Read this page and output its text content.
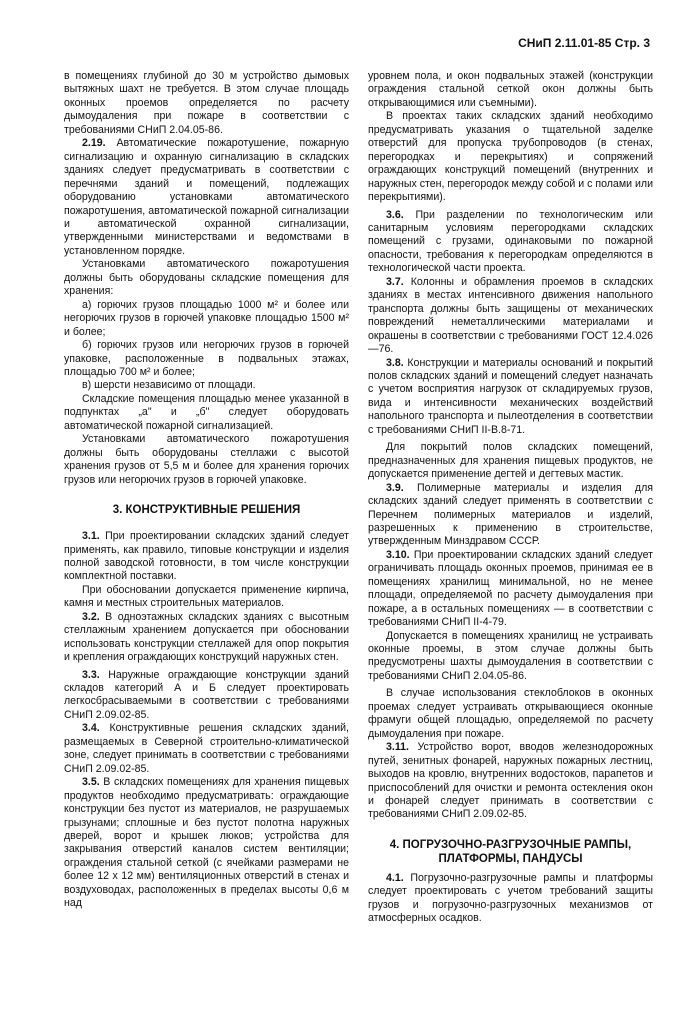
СНиП 2.11.01-85 Стр. 3

в помещениях глубиной до 30 м устройство дымовых вытяжных шахт не требуется. В этом случае площадь оконных проемов определяется по расчету дымоудаления при пожаре в соответствии с требованиями СНиП 2.04.05-86.

2.19. Автоматические пожаротушение, пожарную сигнализацию и охранную сигнализацию в складских зданиях следует предусматривать в соответствии с перечнями зданий и помещений, подлежащих оборудованию установками автоматического пожаротушения, автоматической пожарной сигнализации и автоматической охранной сигнализации, утвержденными министерствами и ведомствами в установленном порядке.

Установками автоматического пожаротушения должны быть оборудованы складские помещения для хранения:

а) горючих грузов площадью 1000 м² и более или негорючих грузов в горючей упаковке площадью 1500 м² и более;

б) горючих грузов или негорючих грузов в горючей упаковке, расположенные в подвальных этажах, площадью 700 м² и более;

в) шерсти независимо от площади.

Складские помещения площадью менее указанной в подпунктах „а" и „б" следует оборудовать автоматической пожарной сигнализацией.

Установками автоматического пожаротушения должны быть оборудованы стеллажи с высотой хранения грузов от 5,5 м и более для хранения горючих грузов или негорючих грузов в горючей упаковке.

3. КОНСТРУКТИВНЫЕ РЕШЕНИЯ

3.1. При проектировании складских зданий следует применять, как правило, типовые конструкции и изделия полной заводской готовности, в том числе конструкции комплектной поставки.

При обосновании допускается применение кирпича, камня и местных строительных материалов.

3.2. В одноэтажных складских зданиях с высотным стеллажным хранением допускается при обосновании использовать конструкции стеллажей для опор покрытия и крепления ограждающих конструкций наружных стен.

3.3. Наружные ограждающие конструкции зданий складов категорий А и Б следует проектировать легкосбрасываемыми в соответствии с требованиями СНиП 2.09.02-85.

3.4. Конструктивные решения складских зданий, размещаемых в Северной строительно-климатической зоне, следует принимать в соответствии с требованиями СНиП 2.09.02-85.

3.5. В складских помещениях для хранения пищевых продуктов необходимо предусматривать: ограждающие конструкции без пустот из материалов, не разрушаемых грызунами; сплошные и без пустот полотна наружных дверей, ворот и крышек люков; устройства для закрывания отверстий каналов систем вентиляции; ограждения стальной сеткой (с ячейками размерами не более 12 х 12 мм) вентиляционных отверстий в стенах и воздуховодах, расположенных в пределах высоты 0,6 м над

уровнем пола, и окон подвальных этажей (конструкции ограждения стальной сеткой окон должны быть открывающимися или съемными).

В проектах таких складских зданий необходимо предусматривать указания о тщательной заделке отверстий для пропуска трубопроводов (в стенах, перегородках и перекрытиях) и сопряжений ограждающих конструкций помещений (внутренних и наружных стен, перегородок между собой и с полами или перекрытиями).

3.6. При разделении по технологическим или санитарным условиям перегородками складских помещений с грузами, одинаковыми по пожарной опасности, требования к перегородкам определяются в технологической части проекта.

3.7. Колонны и обрамления проемов в складских зданиях в местах интенсивного движения напольного транспорта должны быть защищены от механических повреждений неметаллическими материалами и окрашены в соответствии с требованиями ГОСТ 12.4.026—76.

3.8. Конструкции и материалы оснований и покрытий полов складских зданий и помещений следует назначать с учетом восприятия нагрузок от складируемых грузов, вида и интенсивности механических воздействий напольного транспорта и пылеотделения в соответствии с требованиями СНиП II-В.8-71.

Для покрытий полов складских помещений, предназначенных для хранения пищевых продуктов, не допускается применение дегтей и дегтевых мастик.

3.9. Полимерные материалы и изделия для складских зданий следует применять в соответствии с Перечнем полимерных материалов и изделий, разрешенных к применению в строительстве, утвержденным Минздравом СССР.

3.10. При проектировании складских зданий следует ограничивать площадь оконных проемов, принимая ее в помещениях хранилищ минимальной, но не менее площади, определяемой по расчету дымоудаления при пожаре, а в остальных помещениях — в соответствии с требованиями СНиП II-4-79.

Допускается в помещениях хранилищ не устраивать оконные проемы, в этом случае должны быть предусмотрены шахты дымоудаления в соответствии с требованиями СНиП 2.04.05-86.

В случае использования стеклоблоков в оконных проемах следует устраивать открывающиеся оконные фрамуги общей площадью, определяемой по расчету дымоудаления при пожаре.

3.11. Устройство ворот, вводов железнодорожных путей, зенитных фонарей, наружных пожарных лестниц, выходов на кровлю, внутренних водостоков, парапетов и приспособлений для очистки и ремонта остекления окон и фонарей следует принимать в соответствии с требованиями СНиП 2.09.02-85.

4. ПОГРУЗОЧНО-РАЗГРУЗОЧНЫЕ РАМПЫ, ПЛАТФОРМЫ, ПАНДУСЫ

4.1. Погрузочно-разгрузочные рампы и платформы следует проектировать с учетом требований защиты грузов и погрузочно-разгрузочных механизмов от атмосферных осадков.
